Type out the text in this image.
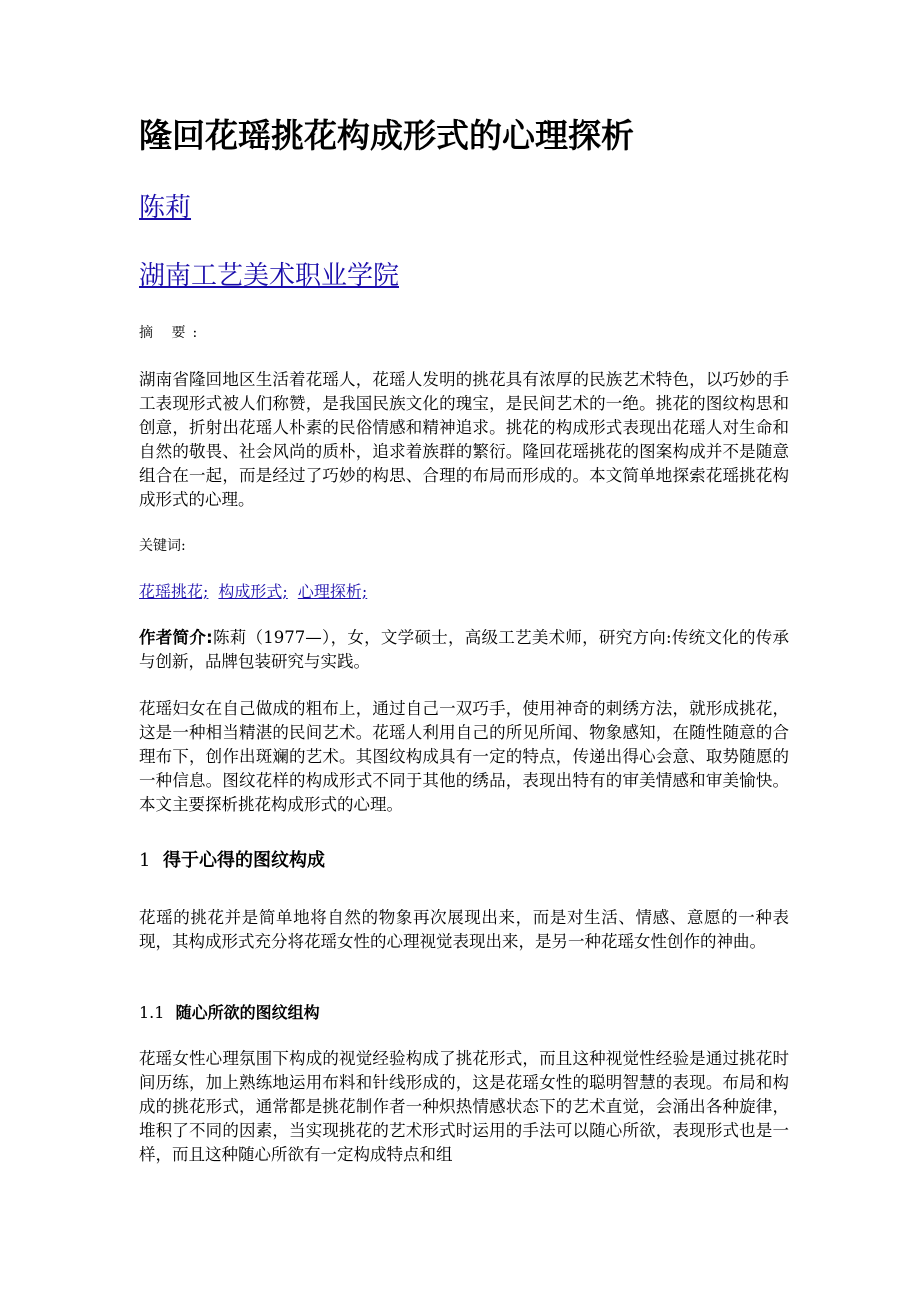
隆回花瑶挑花构成形式的心理探析
陈莉
湖南工艺美术职业学院

摘 要:

湖南省隆回地区生活着花瑶人，花瑶人发明的挑花具有浓厚的民族艺术特色，以巧妙的手工表现形式被人们称赞，是我国民族文化的瑰宝，是民间艺术的一绝。挑花的图纹构思和创意，折射出花瑶人朴素的民俗情感和精神追求。挑花的构成形式表现出花瑶人对生命和自然的敬畏、社会风尚的质朴，追求着族群的繁衍。隆回花瑶挑花的图案构成并不是随意组合在一起，而是经过了巧妙的构思、合理的布局而形成的。本文简单地探索花瑶挑花构成形式的心理。

关键词:

花瑶挑花; 构成形式; 心理探析;

作者简介:陈莉（1977—），女，文学硕士，高级工艺美术师，研究方向:传统文化的传承与创新，品牌包装研究与实践。

花瑶妇女在自己做成的粗布上，通过自己一双巧手，使用神奇的刺绣方法，就形成挑花，这是一种相当精湛的民间艺术。花瑶人利用自己的所见所闻、物象感知，在随性随意的合理布下，创作出斑斓的艺术。其图纹构成具有一定的特点，传递出得心会意、取势随愿的一种信息。图纹花样的构成形式不同于其他的绣品，表现出特有的审美情感和审美愉快。本文主要探析挑花构成形式的心理。

1 得于心得的图纹构成

花瑶的挑花并是简单地将自然的物象再次展现出来，而是对生活、情感、意愿的一种表现，其构成形式充分将花瑶女性的心理视觉表现出来，是另一种花瑶女性创作的神曲。

1.1 随心所欲的图纹组构

花瑶女性心理氛围下构成的视觉经验构成了挑花形式，而且这种视觉性经验是通过挑花时间历练，加上熟练地运用布料和针线形成的，这是花瑶女性的聪明智慧的表现。布局和构成的挑花形式，通常都是挑花制作者一种炽热情感状态下的艺术直觉，会涌出各种旋律，堆积了不同的因素，当实现挑花的艺术形式时运用的手法可以随心所欲，表现形式也是一样，而且这种随心所欲有一定构成特点和组
